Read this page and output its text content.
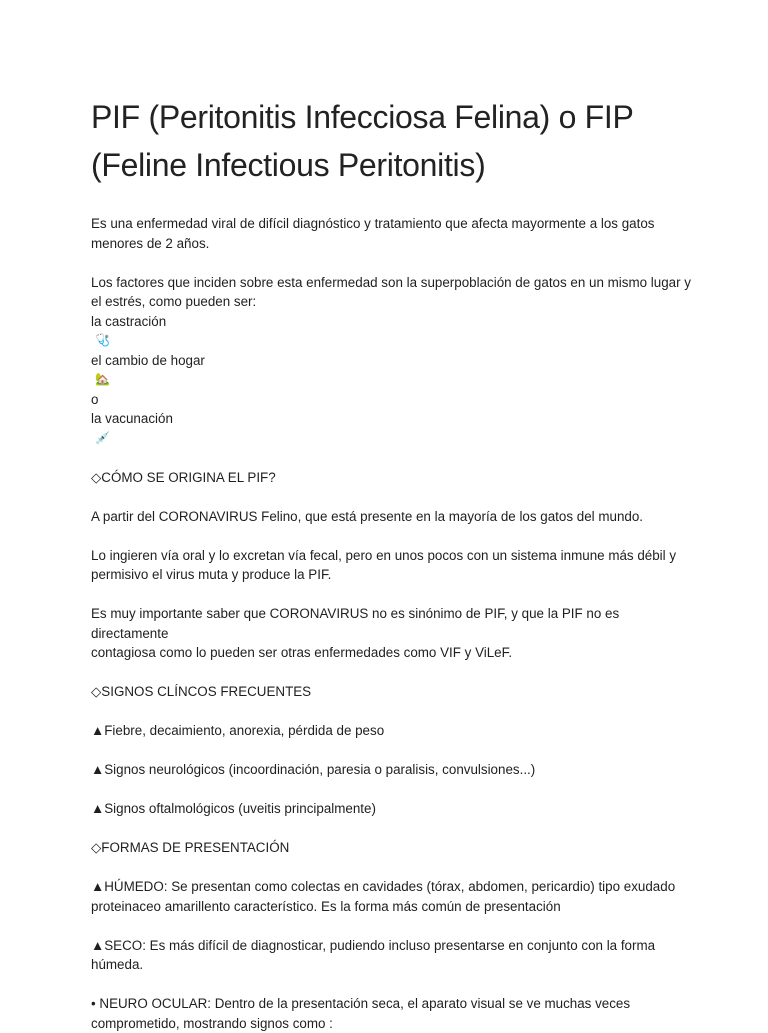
PIF (Peritonitis Infecciosa Felina) o FIP
(Feline Infectious Peritonitis)

Es una enfermedad viral de difícil diagnóstico y tratamiento que afecta mayormente a los gatos
menores de 2 años.

Los factores que inciden sobre esta enfermedad son la superpoblación de gatos en un mismo lugar y
el estrés, como pueden ser:
la castración
🩺
el cambio de hogar
🏡
o
la vacunación
💉

◇CÓMO SE ORIGINA EL PIF?

A partir del CORONAVIRUS Felino, que está presente en la mayoría de los gatos del mundo.

Lo ingieren vía oral y lo excretan vía fecal, pero en unos pocos con un sistema inmune más débil y
permisivo el virus muta y produce la PIF.

Es muy importante saber que CORONAVIRUS no es sinónimo de PIF, y que la PIF no es directamente
contagiosa como lo pueden ser otras enfermedades como VIF y ViLeF.

◇SIGNOS CLÍNCOS FRECUENTES

▲Fiebre, decaimiento, anorexia, pérdida de peso

▲Signos neurológicos (incoordinación, paresia o paralisis, convulsiones...)

▲Signos oftalmológicos (uveitis principalmente)

◇FORMAS DE PRESENTACIÓN

▲HÚMEDO: Se presentan como colectas en cavidades (tórax, abdomen, pericardio) tipo exudado
proteinaceo amarillento característico. Es la forma más común de presentación

▲SECO: Es más difícil de diagnosticar, pudiendo incluso presentarse en conjunto con la forma
húmeda.

• NEURO OCULAR: Dentro de la presentación seca, el aparato visual se ve muchas veces
comprometido, mostrando signos como :
